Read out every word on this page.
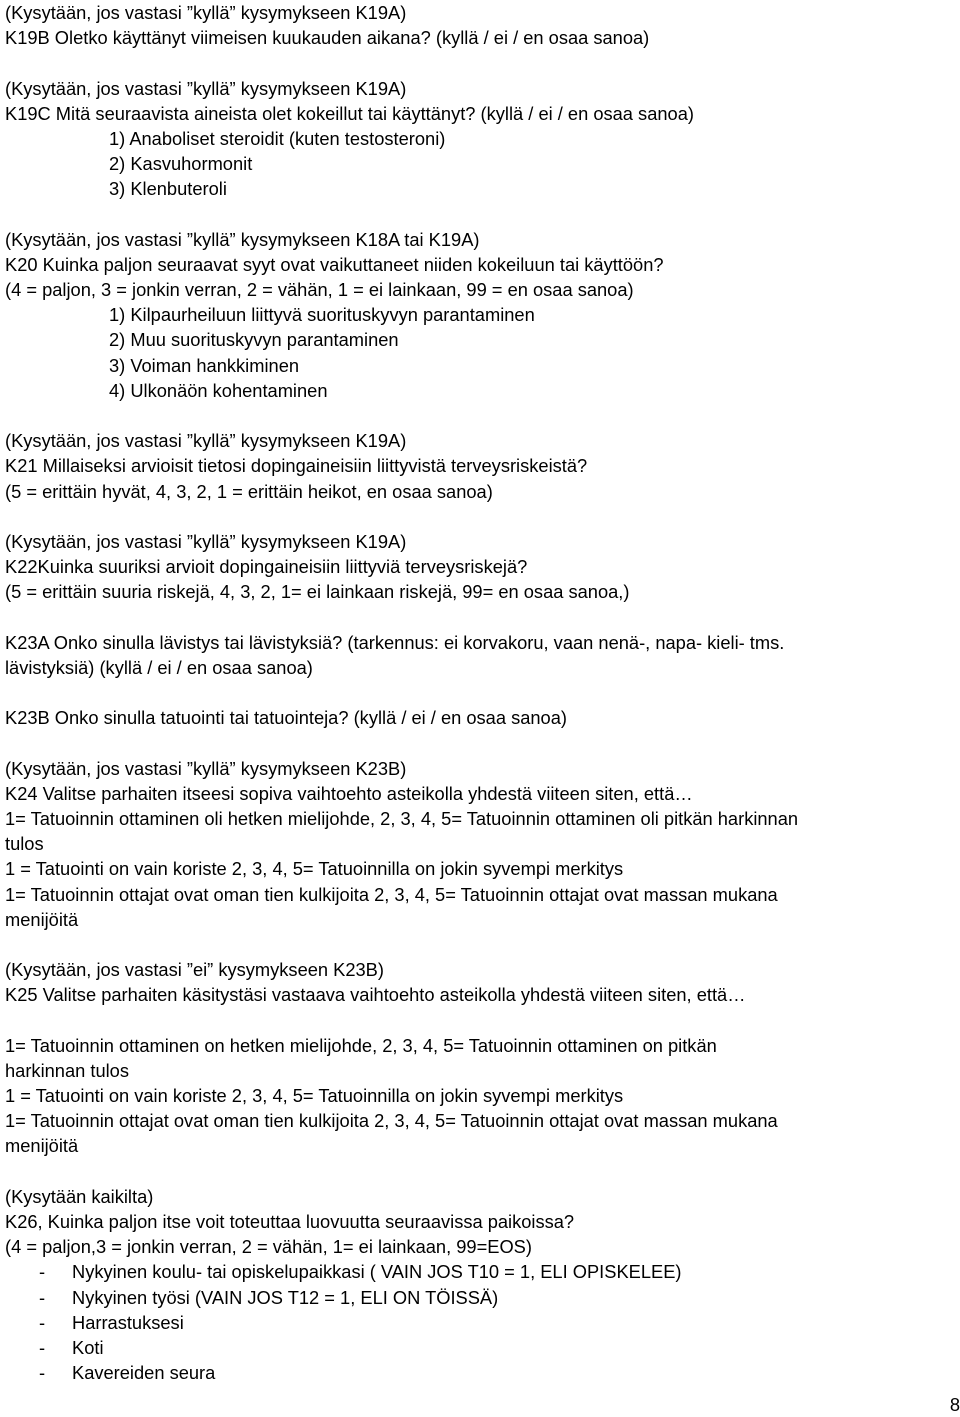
(Kysytään, jos vastasi ”kyllä” kysymykseen K19A)
K19B Oletko käyttänyt viimeisen kuukauden aikana? (kyllä / ei / en osaa sanoa)
(Kysytään, jos vastasi ”kyllä” kysymykseen K19A)
K19C Mitä seuraavista aineista olet kokeillut tai käyttänyt? (kyllä / ei / en osaa sanoa)
1) Anaboliset steroidit (kuten testosteroni)
2) Kasvuhormonit
3) Klenbuteroli
(Kysytään, jos vastasi ”kyllä” kysymykseen K18A tai K19A)
K20 Kuinka paljon seuraavat syyt ovat vaikuttaneet niiden kokeiluun tai käyttöön?
(4 = paljon, 3 = jonkin verran, 2 = vähän, 1 = ei lainkaan, 99 = en osaa sanoa)
1) Kilpaurheiluun liittyvä suorituskyvyn parantaminen
2) Muu suorituskyvyn parantaminen
3) Voiman hankkiminen
4) Ulkonäön kohentaminen
(Kysytään, jos vastasi ”kyllä” kysymykseen K19A)
K21 Millaiseksi arvioisit tietosi dopingaineisiin liittyvistä terveysriskeistä?
(5 = erittäin hyvät, 4, 3, 2, 1 = erittäin heikot, en osaa sanoa)
(Kysytään, jos vastasi ”kyllä” kysymykseen K19A)
K22Kuinka suuriksi arvioit dopingaineisiin liittyviä terveysriskejä?
(5 = erittäin suuria riskejä, 4, 3, 2, 1= ei lainkaan riskejä, 99= en osaa sanoa,)
K23A Onko sinulla lävistys tai lävistyksiä? (tarkennus: ei korvakoru, vaan nenä-, napa- kieli- tms.
lävistyksiä) (kyllä / ei / en osaa sanoa)
K23B Onko sinulla tatuointi tai tatuointeja? (kyllä / ei / en osaa sanoa)
(Kysytään, jos vastasi ”kyllä” kysymykseen K23B)
K24 Valitse parhaiten itseesi sopiva vaihtoehto asteikolla yhdestä viiteen siten, että…
1= Tatuoinnin ottaminen oli hetken mielijohde, 2, 3, 4, 5= Tatuoinnin ottaminen oli pitkän harkinnan
tulos
1 = Tatuointi on vain koriste 2, 3, 4, 5= Tatuoinnilla on jokin syvempi merkitys
1= Tatuoinnin ottajat ovat oman tien kulkijoita 2, 3, 4, 5= Tatuoinnin ottajat ovat massan mukana
menijöitä
(Kysytään, jos vastasi ”ei” kysymykseen K23B)
K25 Valitse parhaiten käsitystäsi vastaava vaihtoehto asteikolla yhdestä viiteen siten, että…
1= Tatuoinnin ottaminen on hetken mielijohde, 2, 3, 4, 5= Tatuoinnin ottaminen on pitkän
harkinnan tulos
1 = Tatuointi on vain koriste 2, 3, 4, 5= Tatuoinnilla on jokin syvempi merkitys
1= Tatuoinnin ottajat ovat oman tien kulkijoita 2, 3, 4, 5= Tatuoinnin ottajat ovat massan mukana
menijöitä
(Kysytään kaikilta)
K26, Kuinka paljon itse voit toteuttaa luovuutta seuraavissa paikoissa?
(4 = paljon,3 = jonkin verran, 2 = vähän, 1= ei lainkaan, 99=EOS)
-	Nykyinen koulu- tai opiskelupaikkasi ( VAIN JOS T10 = 1, ELI OPISKELEE)
-	Nykyinen työsi (VAIN JOS T12 = 1, ELI ON TÖISSÄ)
-	Harrastuksesi
-	Koti
-	Kavereiden seura
8
